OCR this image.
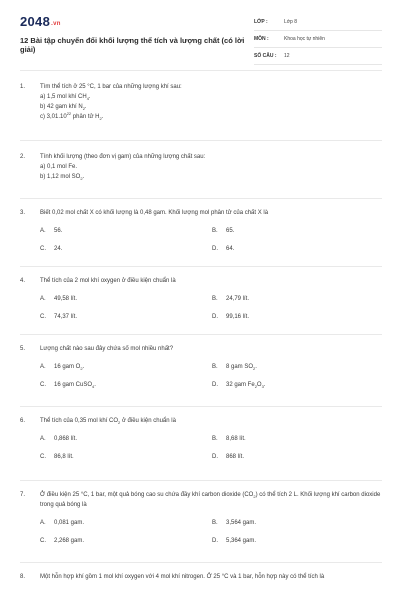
2048.vn
12 Bài tập chuyển đổi khối lượng thể tích và lượng chất (có lời giải)
LỚP :	Lớp 8
MÔN :	Khoa học tự nhiên
SỐ CÂU : 12
1. Tìm thể tích ở 25 °C, 1 bar của những lượng khí sau:
a) 1,5 mol khí $CH_4$.
b) 42 gam khí $N_2$.
c) 3,01.10$^{22}$ phân tử $H_2$.
2. Tính khối lượng (theo đơn vị gam) của những lượng chất sau:
a) 0,1 mol Fe.
b) 1,12 mol $SO_2$.
3. Biết 0,02 mol chất X có khối lượng là 0,48 gam. Khối lượng mol phân tử của chất X là
A. 56.	B. 65.
C. 24.	D. 64.
4. Thể tích của 2 mol khí oxygen ở điều kiện chuẩn là
A. 49,58 lít.	B. 24,79 lít.
C. 74,37 lít.	D. 99,16 lít.
5. Lượng chất nào sau đây chứa số mol nhiều nhất?
A. 16 gam $O_2$.	B. 8 gam $SO_2$.
C. 16 gam CuSO$_4$.	D. 32 gam $Fe_2O_3$.
6. Thể tích của 0,35 mol khí $CO_2$ ở điều kiện chuẩn là
A. 0,868 lít.	B. 8,68 lít.
C. 86,8 lít.	D. 868 lít.
7. Ở điều kiện 25 °C, 1 bar, một quả bóng cao su chứa đầy khí carbon dioxide $(CO_2)$ có thể tích 2 L. Khối lượng khí carbon dioxide trong quả bóng là
A. 0,081 gam.	B. 3,564 gam.
C. 2,268 gam.	D. 5,364 gam.
8. Một hỗn hợp khí gồm 1 mol khí oxygen với 4 mol khí nitrogen. Ở 25 °C và 1 bar, hỗn hợp này có thể tích là
